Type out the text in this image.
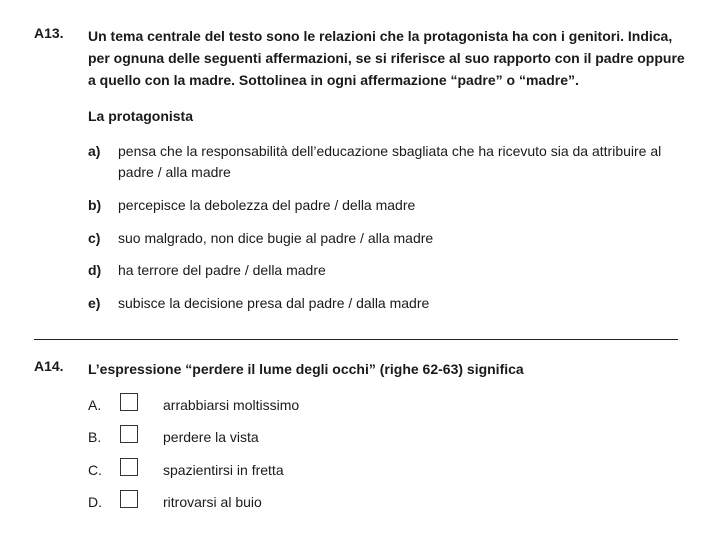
A13. Un tema centrale del testo sono le relazioni che la protagonista ha con i genitori. Indica, per ognuna delle seguenti affermazioni, se si riferisce al suo rapporto con il padre oppure a quello con la madre. Sottolinea in ogni affermazione “padre” o “madre”.
La protagonista
a) pensa che la responsabilità dell’educazione sbagliata che ha ricevuto sia da attribuire al padre / alla madre
b) percepisce la debolezza del padre / della madre
c) suo malgrado, non dice bugie al padre / alla madre
d) ha terrore del padre / della madre
e) subisce la decisione presa dal padre / dalla madre
A14. L’espressione “perdere il lume degli occhi” (righe 62-63) significa
A.	arrabbiarsi moltissimo
B.	perdere la vista
C.	spazientirsi in fretta
D.	ritrovarsi al buio
